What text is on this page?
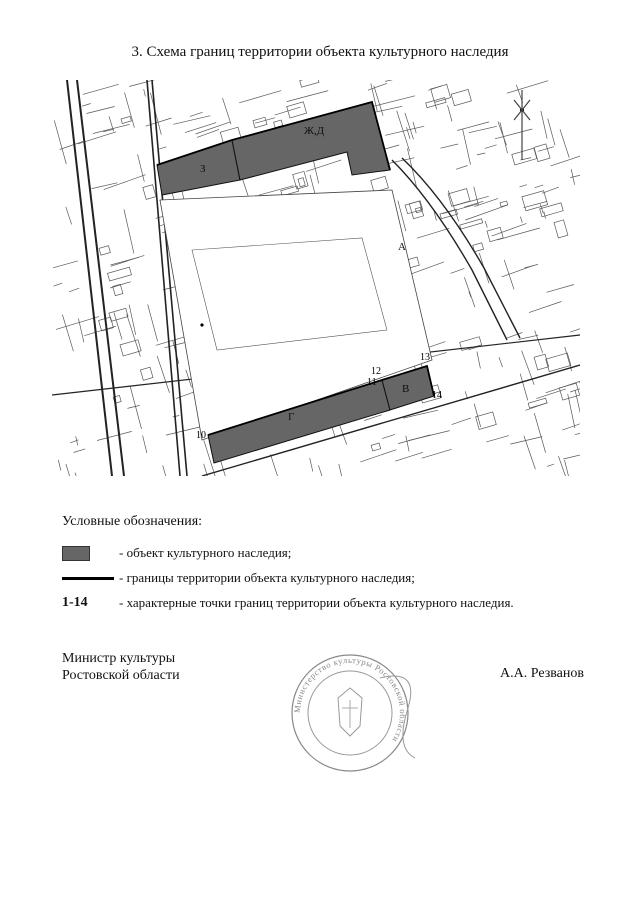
3. Схема границ территории объекта культурного наследия
З
Ж,Д
Г
В
А
10
11
12
13
14
Условные обозначения:
- объект культурного наследия;
- границы территории объекта культурного наследия;
1-14 - характерные точки границ территории объекта культурного наследия.
Министр культуры
Ростовской области
Министерство культуры Ростовской области
А.А. Резванов
